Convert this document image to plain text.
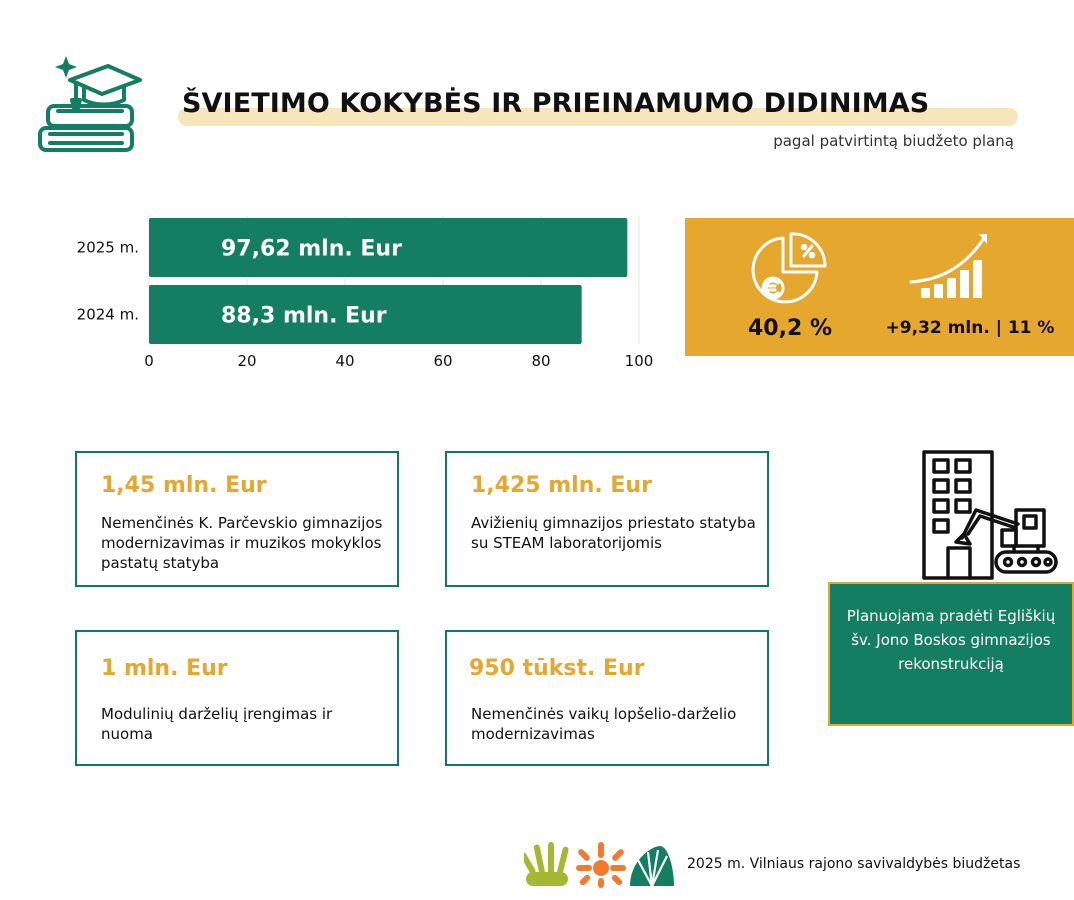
ŠVIETIMO KOKYBĖS IR PRIEINAMUMO DIDINIMAS
pagal patvirtintą biudžeto planą
2025 m.	97,62 mln. Eur
2024 m.	88,3 mln. Eur
0	20	40	60	80	100
40,2 %	+9,32 mln. | 11 %
1,45 mln. Eur
Nemenčinės K. Parčevskio gimnazijos modernizavimas ir muzikos mokyklos pastatų statyba
1,425 mln. Eur
Avižienių gimnazijos priestato statyba su STEAM laboratorijomis
1 mln. Eur
Modulinių darželių įrengimas ir nuoma
950 tūkst. Eur
Nemenčinės vaikų lopšelio-darželio modernizavimas
Planuojama pradėti Egliškių šv. Jono Boskos gimnazijos rekonstrukciją
2025 m. Vilniaus rajono savivaldybės biudžetas
